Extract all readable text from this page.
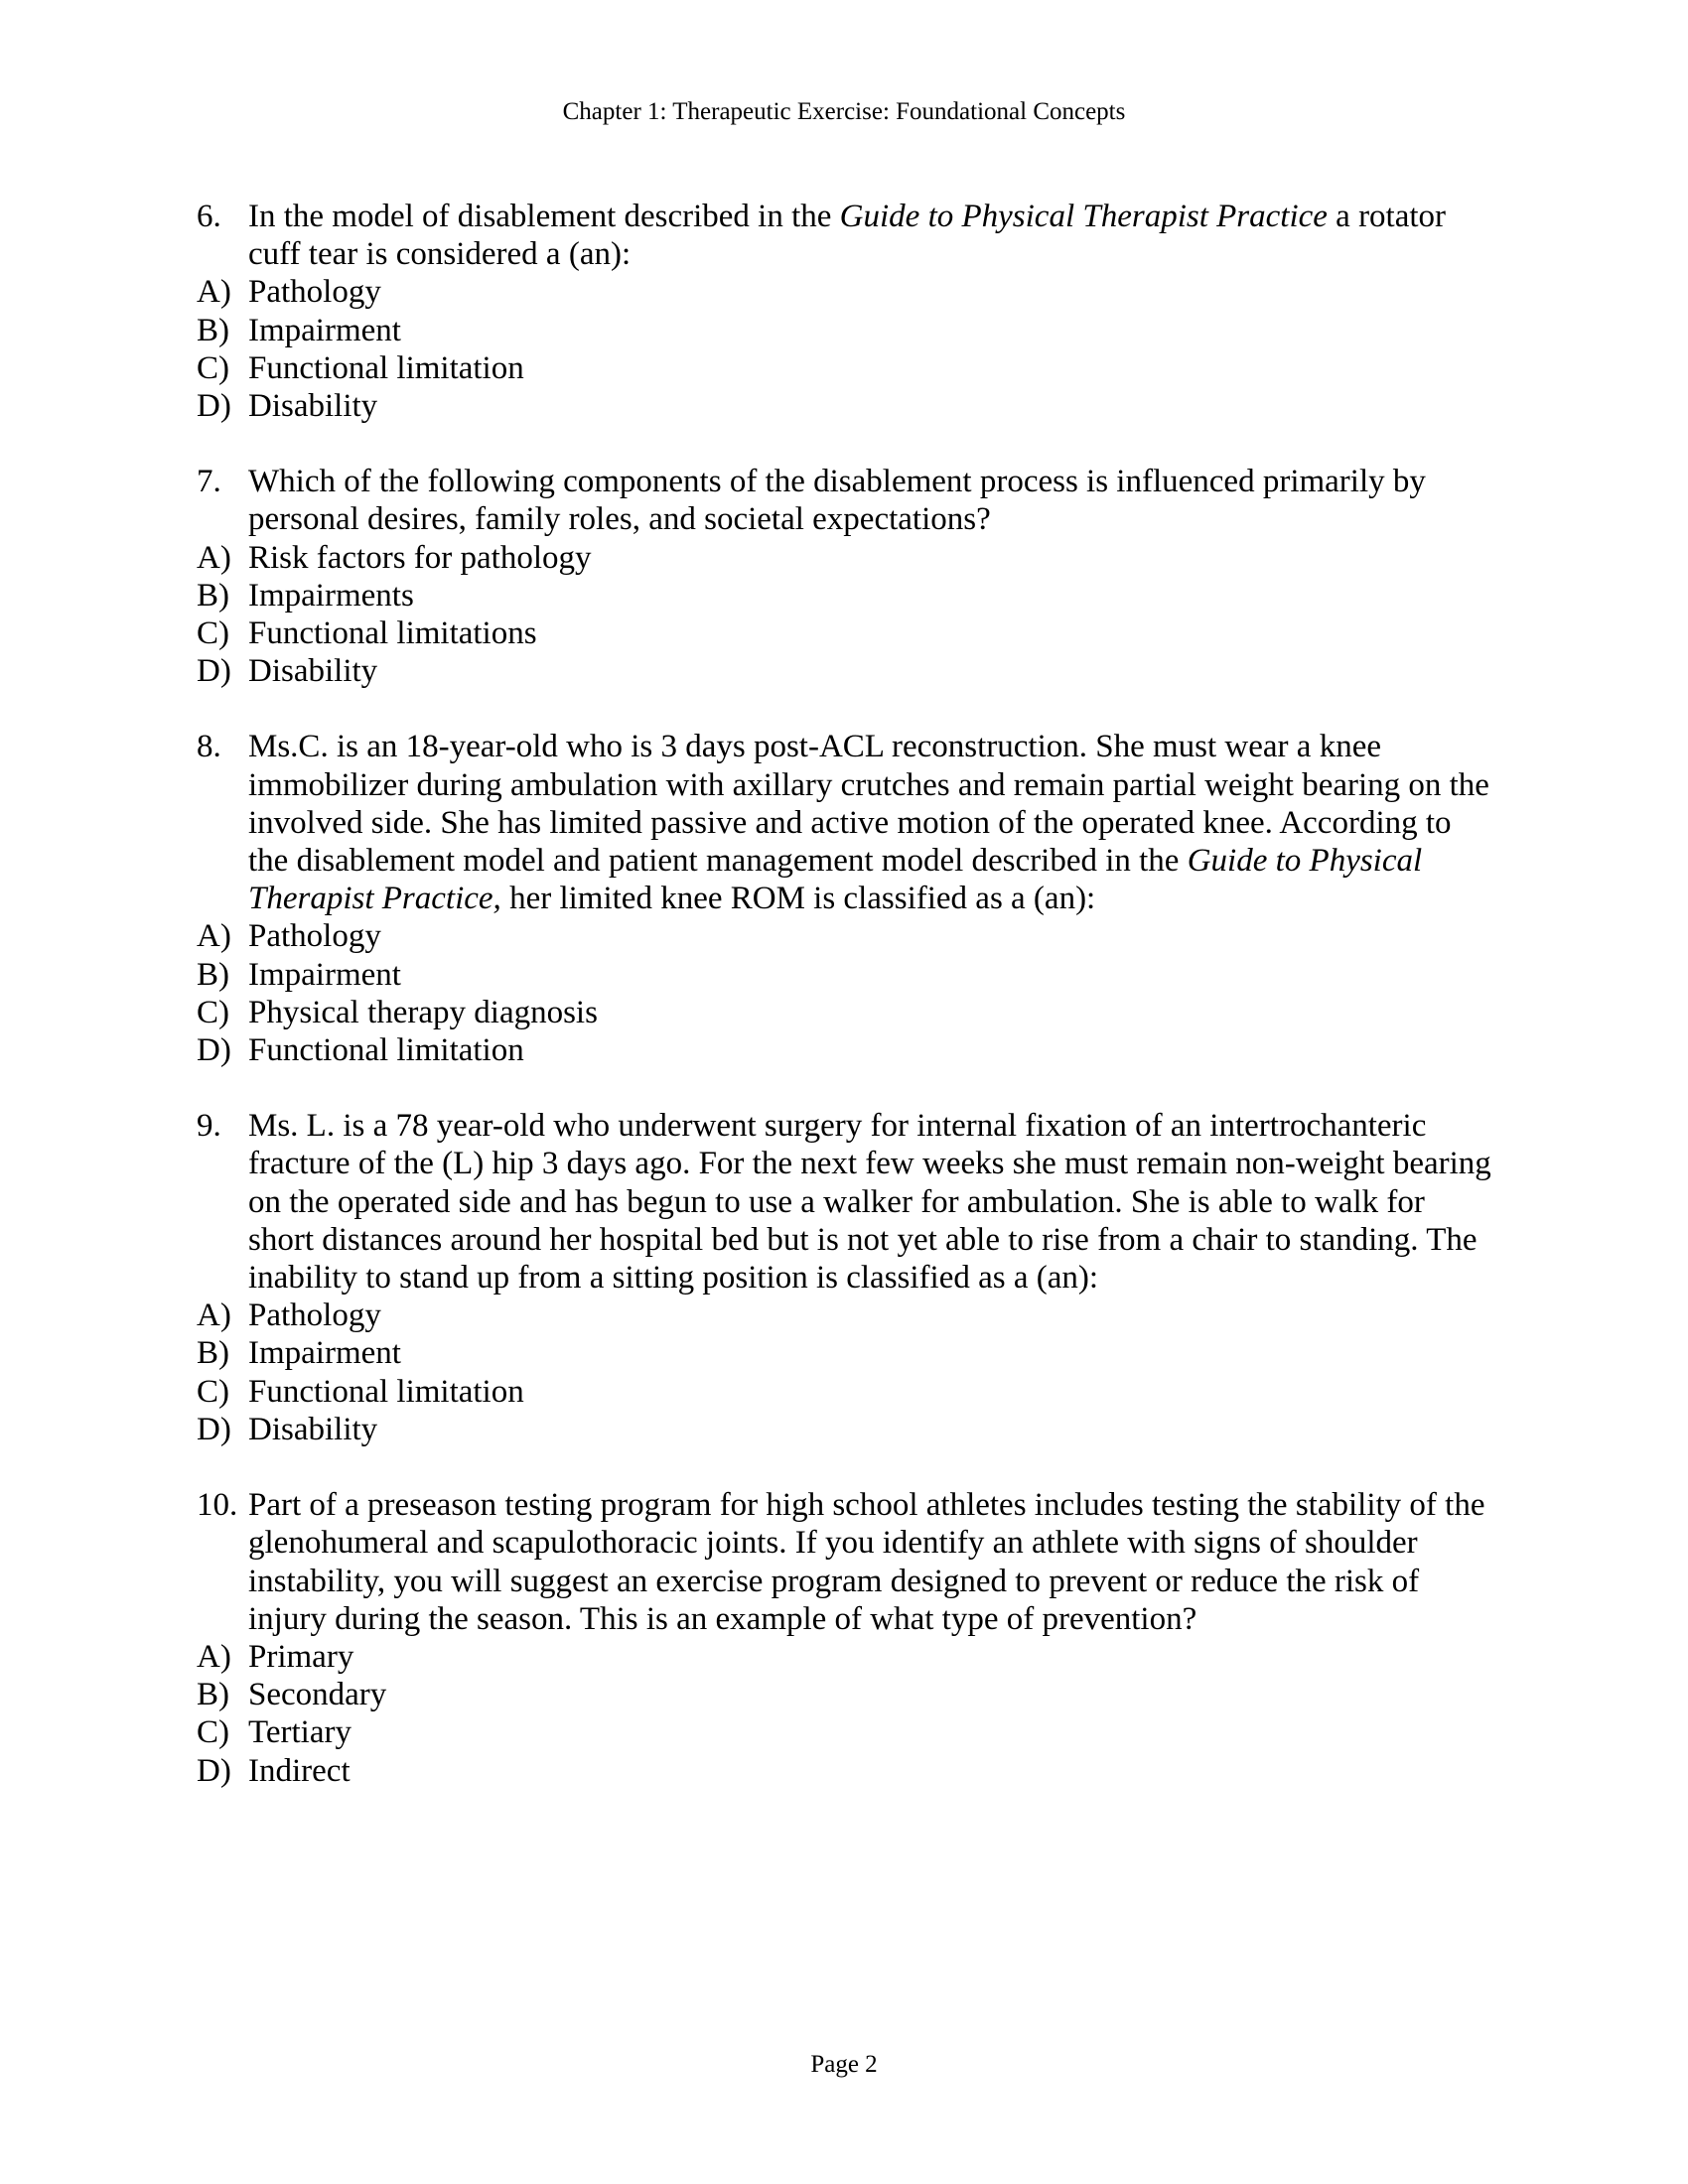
Chapter 1: Therapeutic Exercise: Foundational Concepts
6. In the model of disablement described in the Guide to Physical Therapist Practice a rotator cuff tear is considered a (an):
A) Pathology
B) Impairment
C) Functional limitation
D) Disability
7. Which of the following components of the disablement process is influenced primarily by personal desires, family roles, and societal expectations?
A) Risk factors for pathology
B) Impairments
C) Functional limitations
D) Disability
8. Ms.C. is an 18-year-old who is 3 days post-ACL reconstruction. She must wear a knee immobilizer during ambulation with axillary crutches and remain partial weight bearing on the involved side. She has limited passive and active motion of the operated knee. According to the disablement model and patient management model described in the Guide to Physical Therapist Practice, her limited knee ROM is classified as a (an):
A) Pathology
B) Impairment
C) Physical therapy diagnosis
D) Functional limitation
9. Ms. L. is a 78 year-old who underwent surgery for internal fixation of an intertrochanteric fracture of the (L) hip 3 days ago. For the next few weeks she must remain non-weight bearing on the operated side and has begun to use a walker for ambulation. She is able to walk for short distances around her hospital bed but is not yet able to rise from a chair to standing. The inability to stand up from a sitting position is classified as a (an):
A) Pathology
B) Impairment
C) Functional limitation
D) Disability
10. Part of a preseason testing program for high school athletes includes testing the stability of the glenohumeral and scapulothoracic joints. If you identify an athlete with signs of shoulder instability, you will suggest an exercise program designed to prevent or reduce the risk of injury during the season. This is an example of what type of prevention?
A) Primary
B) Secondary
C) Tertiary
D) Indirect
Page 2
